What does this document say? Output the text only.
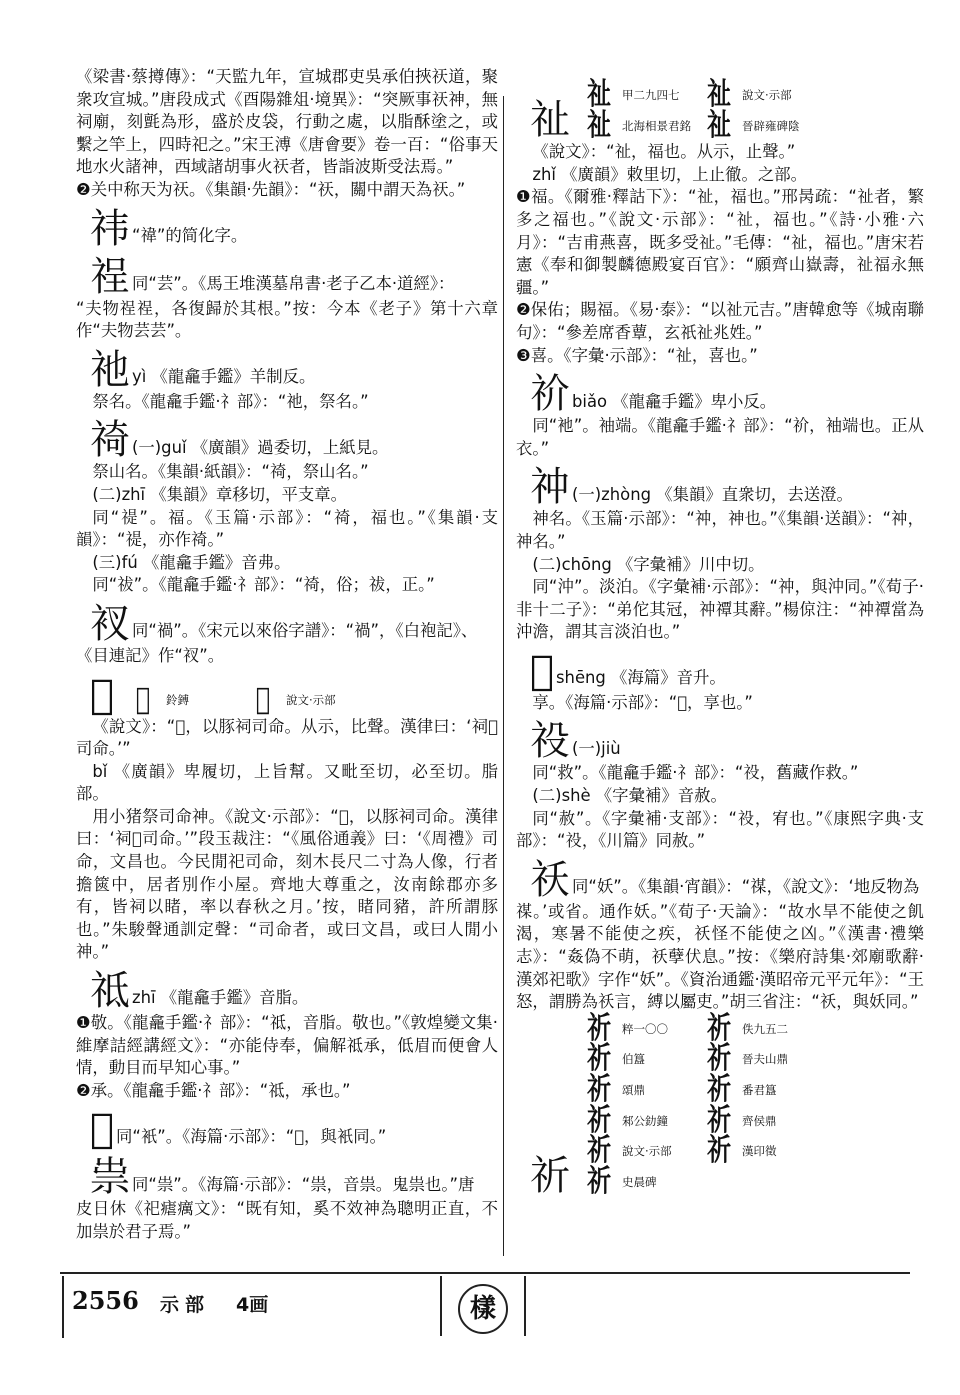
《梁書·蔡撙傳》：“天監九年，宣城郡吏吳承伯挾祆道，聚衆攻宣城。”唐段成式《酉陽雜俎·境異》：“突厥事祆神，無祠廟，刻氈為形，盛於皮袋，行動之處，以脂酥塗之，或繫之竿上，四時祀之。”宋王溥《唐會要》卷一百：“俗事天地水火諸神，西域諸胡事火祆者，皆詣波斯受法焉。”

❷关中称天为祆。《集韻·先韻》：“祆，關中謂天為祆。”

祎 “禕”的简化字。
䄇 同“芸”。《馬王堆漢墓帛書·老子乙本·道經》：

“夫物䄇䄇，各復歸於其根。”按：今本《老子》第十六章作“夫物芸芸”。

祂 yì 《龍龕手鑑》羊制反。

祭名。《龍龕手鑑·礻部》：“祂，祭名。”

䄎 (一)guǐ 《廣韻》過委切，上紙見。

祭山名。《集韻·紙韻》：“䄎，祭山名。”

(二)zhī 《集韻》章移切，平支章。

同“禔”。福。《玉篇·示部》：“䄎，福也。”《集韻·支韻》：“禔，亦作䄎。”

(三)fú 《龍龕手鑑》音弗。

同“祓”。《龍龕手鑑·礻部》：“䄎，俗；祓，正。”

衩 同“禍”。《宋元以來俗字譜》：“禍”，《白袍記》、

《目連記》作“衩”。

𥘯 𥘯	鈴鎛 𥘯	說文·示部

《說文》：“𥘯，以豚祠司命。从示，比聲。漢律曰：‘祠𥘯司命。’”

bǐ 《廣韻》卑履切，上旨幫。又毗至切，必至切。脂部。

用小猪祭司命神。《說文·示部》：“𥘯，以豚祠司命。漢律曰：‘祠𥘯司命。’”段玉裁注：“《風俗通義》曰：‘《周禮》司命，文昌也。今民閒祀司命，刻木長尺二寸為人像，行者擔篋中，居者別作小屋。齊地大尊重之，汝南餘郡亦多有，皆祠以睹，率以春秋之月。’按，睹同豬，許所謂豚也。”朱駿聲通訓定聲：“司命者，或曰文昌，或曰人閒小神。”

祗 zhī 《龍龕手鑑》音脂。

❶敬。《龍龕手鑑·礻部》：“祗，音脂。敬也。”《敦煌變文集·維摩詰經講經文》：“亦能侍奉，偏解祗承，低眉而便會人情，動目而早知心事。”

❷承。《龍龕手鑑·礻部》：“祗，承也。”

𥘉 同“衹”。《海篇·示部》：“𥘉，與衹同。”
祟 同“祟”。《海篇·示部》：“祟，音祟。鬼祟也。”唐

皮日休《祀瘧癘文》：“既有知，奚不效神為聰明正直，不加祟於君子焉。”

祉
祉 甲二九四七 祉 說文·示部
祉 北海相景君銘 祉 晉辟雍碑陰

《說文》：“祉，福也。从示，止聲。”

zhǐ 《廣韻》敕里切，上止徹。之部。

❶福。《爾雅·釋詁下》：“祉，福也。”邢昺疏：“祉者，繁多之福也。”《說文·示部》：“祉，福也。”《詩·小雅·六月》：“吉甫燕喜，既多受祉。”毛傳：“祉，福也。”唐宋若憲《奉和御製麟德殿宴百官》：“願齊山嶽壽，祉福永無疆。”

❷保佑；賜福。《易·泰》：“以祉元吉。”唐韓愈等《城南聯句》：“參差席香蕈，玄祇祉兆姓。”

❸喜。《字彙·示部》：“祉，喜也。”

祄 biǎo 《龍龕手鑑》卑小反。

同“衪”。袖端。《龍龕手鑑·礻部》：“祄，袖端也。正从衣。”

祌 (一)zhòng 《集韻》直衆切，去送澄。

神名。《玉篇·示部》：“祌，神也。”《集韻·送韻》：“祌，神名。”

(二)chōng 《字彙補》川中切。

同“沖”。淡泊。《字彙補·示部》：“祌，與沖同。”《荀子·非十二子》：“弟佗其冠，祌禫其辭。”楊倞注：“祌禫當為沖澹，謂其言淡泊也。”

𥘡 shēng 《海篇》音升。

享。《海篇·示部》：“𥘡，享也。”

祋 (一)jiù

同“救”。《龍龕手鑑·礻部》：“祋，舊藏作救。”

(二)shè 《字彙補》音赦。

同“赦”。《字彙補·支部》：“祋，宥也。”《康熙字典·支部》：“祋，《川篇》同赦。”

祅 同“妖”。《集韻·宵韻》：“禖，《說文》：‘地反物為

禖。’或省。通作妖。”《荀子·天論》：“故水旱不能使之飢渴，寒暑不能使之疾，祅怪不能使之凶。”《漢書·禮樂志》：“姦偽不萌，祅孽伏息。”按：《樂府詩集·郊廟歌辭·漢郊祀歌》字作“妖”。《資治通鑑·漢昭帝元平元年》：“王怒，謂勝為祅言，縛以屬吏。”胡三省注：“祅，與妖同。”

祈
祈 粹一〇〇 祈 佚九五二
祈 伯簋 祈 晉夫山鼎
祈 頌鼎 祈 番君簋
祈 邾公釛鐘 祈 齊侯鼎
祈 說文·示部 祈 漢印徵
祈 史晨碑
2556 示部 4画	樣
